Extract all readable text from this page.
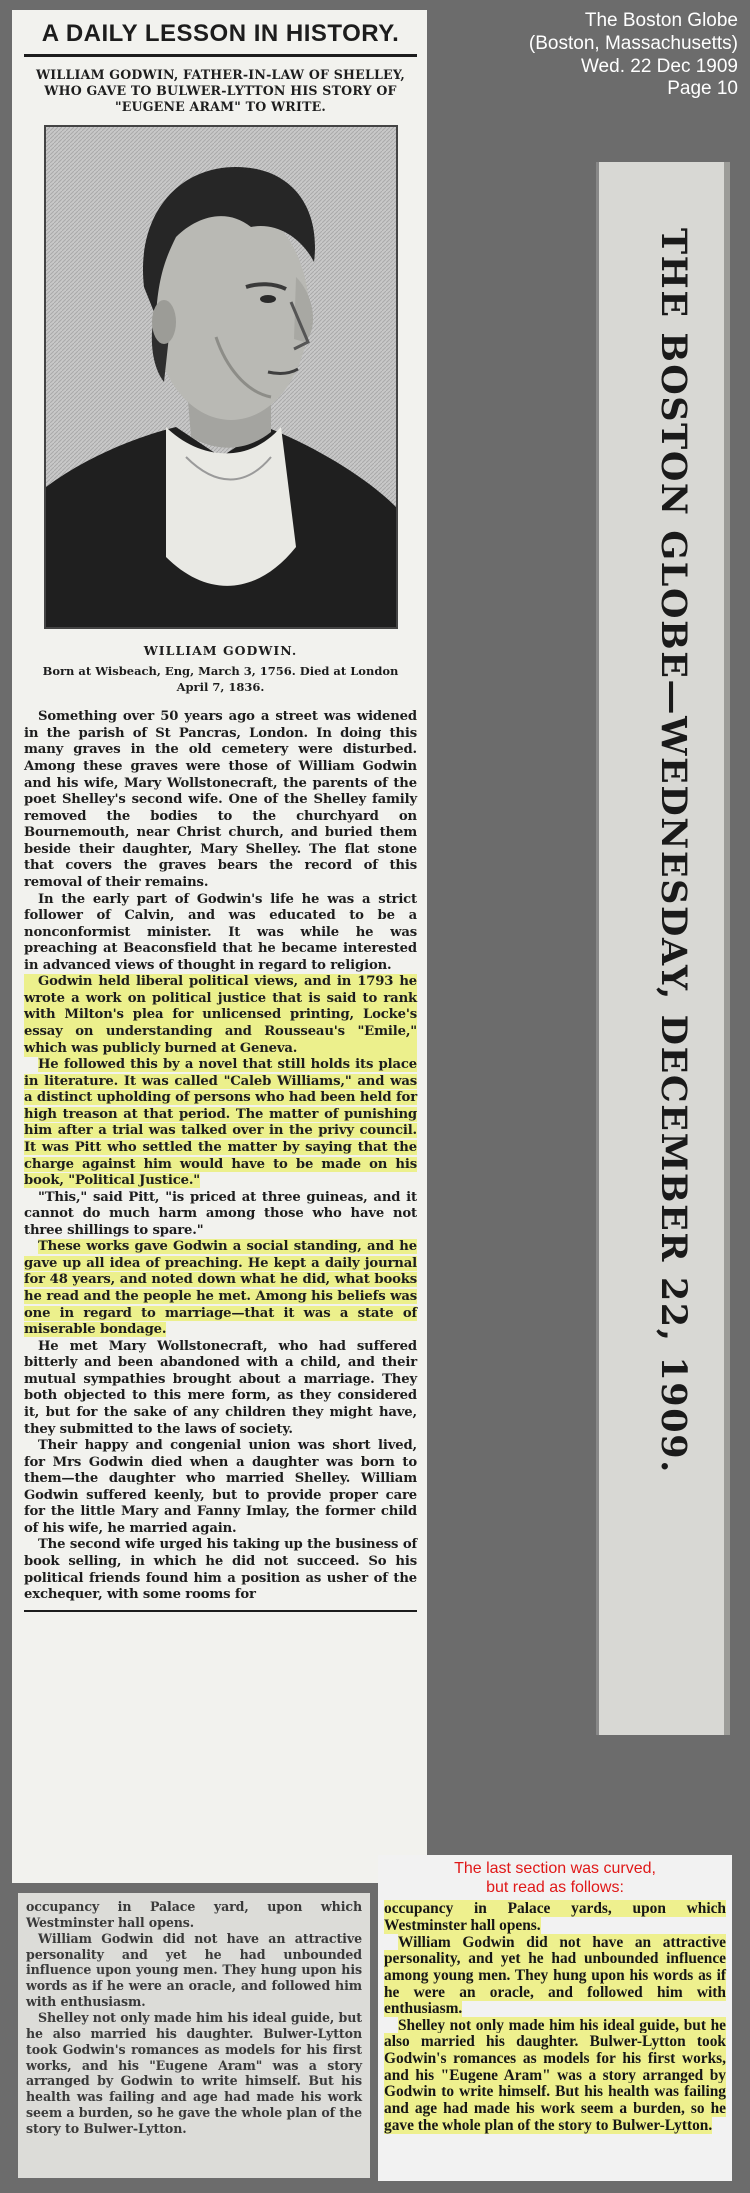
A DAILY LESSON IN HISTORY.
WILLIAM GODWIN, FATHER-IN-LAW OF SHELLEY, WHO GAVE TO BULWER-LYTTON HIS STORY OF "EUGENE ARAM" TO WRITE.
WILLIAM GODWIN.
Born at Wisbeach, Eng, March 3, 1756. Died at London April 7, 1836.

Something over 50 years ago a street was widened in the parish of St Pancras, London. In doing this many graves in the old cemetery were disturbed. Among these graves were those of William Godwin and his wife, Mary Wollstonecraft, the parents of the poet Shelley's second wife. One of the Shelley family removed the bodies to the churchyard on Bournemouth, near Christ church, and buried them beside their daughter, Mary Shelley. The flat stone that covers the graves bears the record of this removal of their remains.

In the early part of Godwin's life he was a strict follower of Calvin, and was educated to be a nonconformist minister. It was while he was preaching at Beaconsfield that he became interested in advanced views of thought in regard to religion.

Godwin held liberal political views, and in 1793 he wrote a work on political justice that is said to rank with Milton's plea for unlicensed printing, Locke's essay on understanding and Rousseau's "Emile," which was publicly burned at Geneva.

He followed this by a novel that still holds its place in literature. It was called "Caleb Williams," and was a distinct upholding of persons who had been held for high treason at that period. The matter of punishing him after a trial was talked over in the privy council. It was Pitt who settled the matter by saying that the charge against him would have to be made on his book, "Political Justice."

"This," said Pitt, "is priced at three guineas, and it cannot do much harm among those who have not three shillings to spare."

These works gave Godwin a social standing, and he gave up all idea of preaching. He kept a daily journal for 48 years, and noted down what he did, what books he read and the people he met. Among his beliefs was one in regard to marriage—that it was a state of miserable bondage.

He met Mary Wollstonecraft, who had suffered bitterly and been abandoned with a child, and their mutual sympathies brought about a marriage. They both objected to this mere form, as they considered it, but for the sake of any children they might have, they submitted to the laws of society.

Their happy and congenial union was short lived, for Mrs Godwin died when a daughter was born to them—the daughter who married Shelley. William Godwin suffered keenly, but to provide proper care for the little Mary and Fanny Imlay, the former child of his wife, he married again.

The second wife urged his taking up the business of book selling, in which he did not succeed. So his political friends found him a position as usher of the exchequer, with some rooms for

The Boston Globe
(Boston, Massachusetts)
Wed. 22 Dec 1909
Page 10
THE BOSTON GLOBE—WEDNESDAY, DECEMBER 22, 1909.

occupancy in Palace yard, upon which Westminster hall opens.

William Godwin did not have an attractive personality and yet he had unbounded influence upon young men. They hung upon his words as if he were an oracle, and followed him with enthusiasm.

Shelley not only made him his ideal guide, but he also married his daughter. Bulwer-Lytton took Godwin's romances as models for his first works, and his "Eugene Aram" was a story arranged by Godwin to write himself. But his health was failing and age had made his work seem a burden, so he gave the whole plan of the story to Bulwer-Lytton.

The last section was curved,
but read as follows:

occupancy in Palace yards, upon which Westminster hall opens.

William Godwin did not have an attractive personality, and yet he had unbounded influence among young men. They hung upon his words as if he were an oracle, and followed him with enthusiasm.

Shelley not only made him his ideal guide, but he also married his daughter. Bulwer-Lytton took Godwin's romances as models for his first works, and his "Eugene Aram" was a story arranged by Godwin to write himself. But his health was failing and age had made his work seem a burden, so he gave the whole plan of the story to Bulwer-Lytton.
